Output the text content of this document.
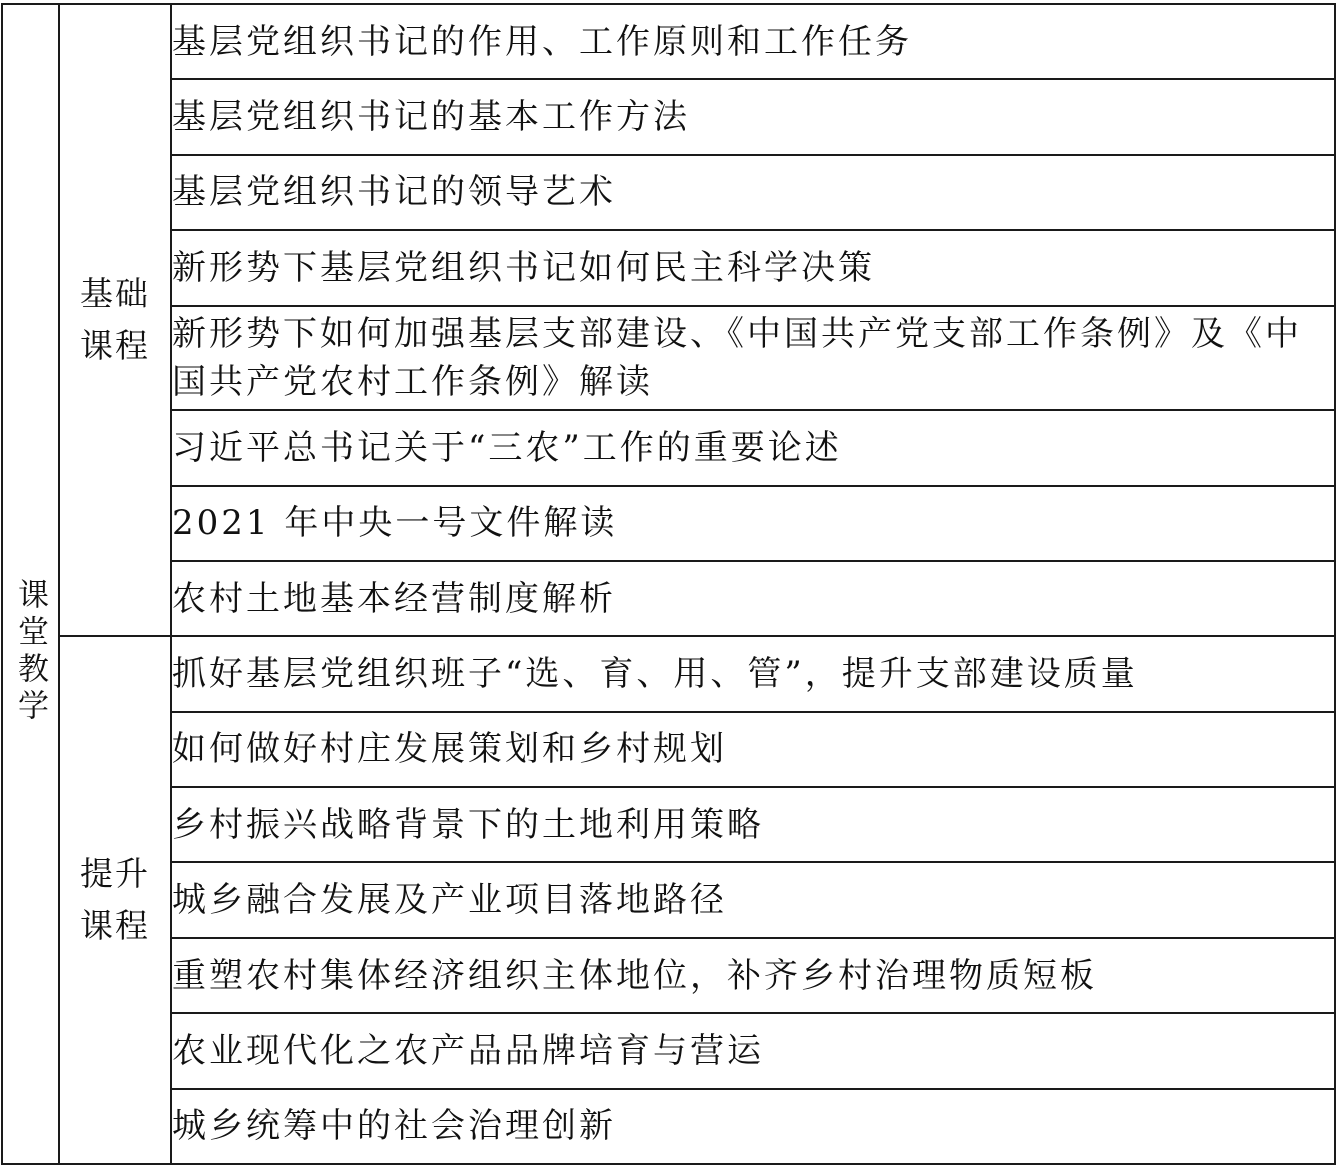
课堂教学	基础课程	基层党组织书记的作用、工作原则和工作任务
		基层党组织书记的基本工作方法
		基层党组织书记的领导艺术
		新形势下基层党组织书记如何民主科学决策
		新形势下如何加强基层支部建设、《中国共产党支部工作条例》及《中国共产党农村工作条例》解读
		习近平总书记关于“三农”工作的重要论述
		2021 年中央一号文件解读
		农村土地基本经营制度解析

	提升课程	抓好基层党组织班子“选、育、用、管”，提升支部建设质量
		如何做好村庄发展策划和乡村规划
		乡村振兴战略背景下的土地利用策略
		城乡融合发展及产业项目落地路径
		重塑农村集体经济组织主体地位，补齐乡村治理物质短板
		农业现代化之农产品品牌培育与营运
		城乡统筹中的社会治理创新
